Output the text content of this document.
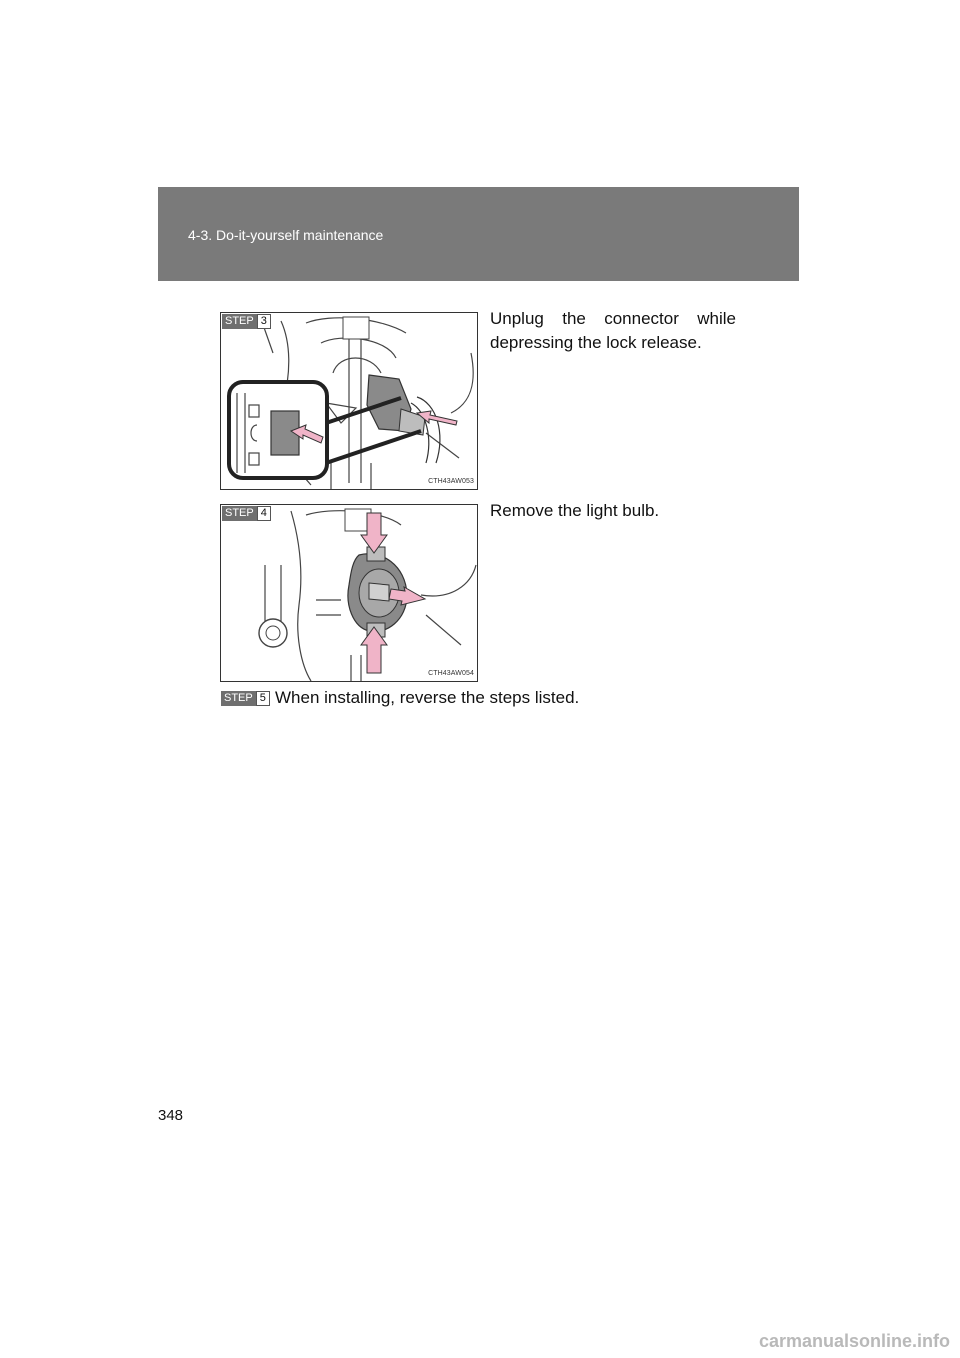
4-3. Do-it-yourself maintenance
STEP 3
CTH43AW053
Unplug the connector while depressing the lock release.
STEP 4
CTH43AW054
Remove the light bulb.
STEP 5 When installing, reverse the steps listed.
348
carmanualsonline.info
